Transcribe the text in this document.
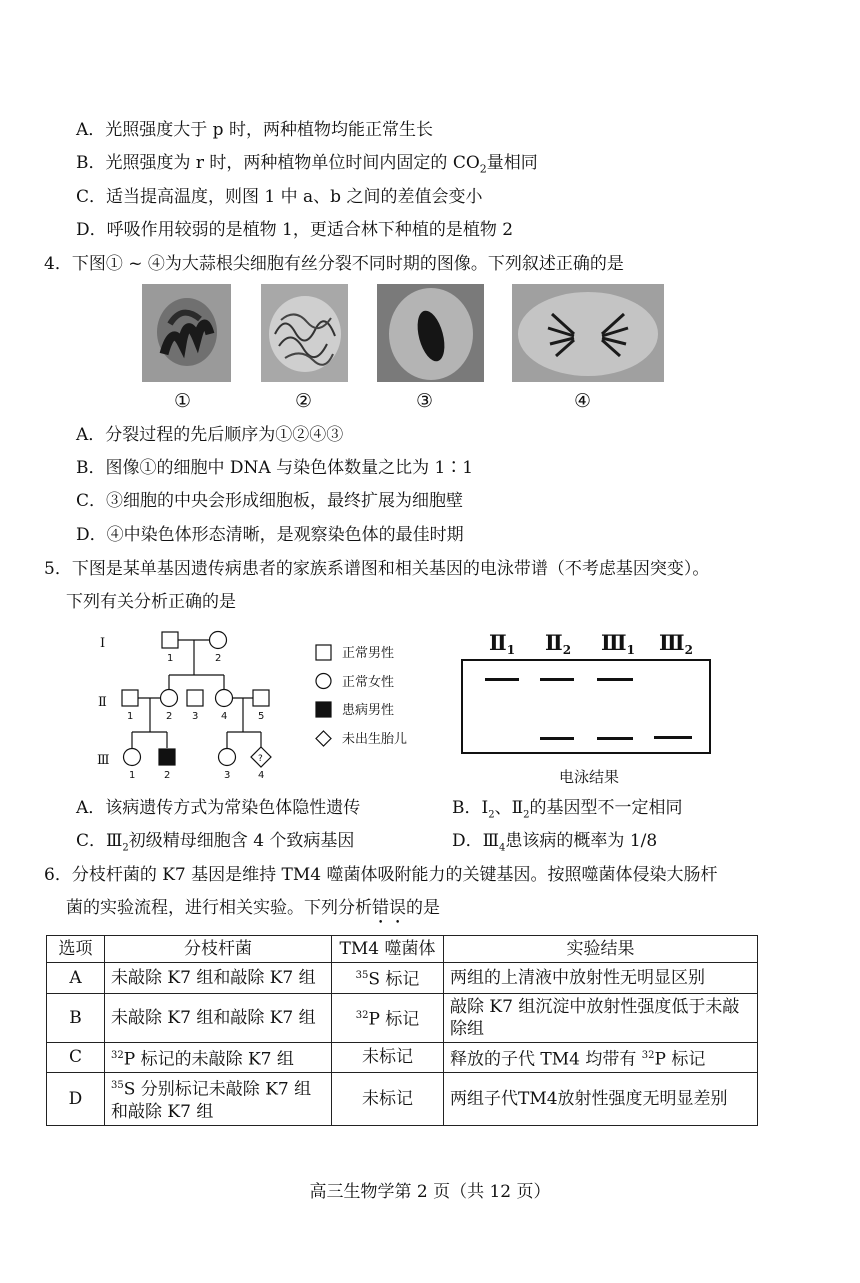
A．光照强度大于 p 时，两种植物均能正常生长
B．光照强度为 r 时，两种植物单位时间内固定的 $CO_2$量相同
C．适当提高温度，则图 1 中 a、b 之间的差值会变小
D．呼吸作用较弱的是植物 1，更适合林下种植的是植物 2
4．下图① ~ ④为大蒜根尖细胞有丝分裂不同时期的图像。下列叙述正确的是
①	②	③	④
A．分裂过程的先后顺序为①②④③
B．图像①的细胞中 DNA 与染色体数量之比为 1∶1
C．③细胞的中央会形成细胞板，最终扩展为细胞壁
D．④中染色体形态清晰，是观察染色体的最佳时期
5．下图是某单基因遗传病患者的家族系谱图和相关基因的电泳带谱（不考虑基因突变）。
下列有关分析正确的是
Ⅰ
Ⅱ
Ⅲ
1	2
1	2 3 4	5
1	2	3	4
?
正常男性
正常女性
患病男性
未出生胎儿
Ⅱ1 Ⅱ2 Ⅲ1 Ⅲ2
电泳结果
A．该病遗传方式为常染色体隐性遗传	B．$Ⅰ_2$、$Ⅱ_2$的基因型不一定相同
C．$Ⅲ_2$初级精母细胞含 4 个致病基因	D．$Ⅲ_4$患该病的概率为 1/8
6．分枝杆菌的 K7 基因是维持 TM4 噬菌体吸附能力的关键基因。按照噬菌体侵染大肠杆
菌的实验流程，进行相关实验。下列分析错误的是
选项	分枝杆菌	TM4 噬菌体	实验结果
A	未敲除 K7 组和敲除 K7 组	$^{35}$S 标记	两组的上清液中放射性无明显区别
B	未敲除 K7 组和敲除 K7 组	$^{32}$P 标记	敲除 K7 组沉淀中放射性强度低于未敲除组
C	$^{32}$P 标记的未敲除 K7 组	未标记	释放的子代 TM4 均带有 $^{32}$P 标记
D	$^{35}$S 分别标记未敲除 K7 组和敲除 K7 组	未标记	两组子代TM4放射性强度无明显差别
高三生物学第 2 页（共 12 页）
